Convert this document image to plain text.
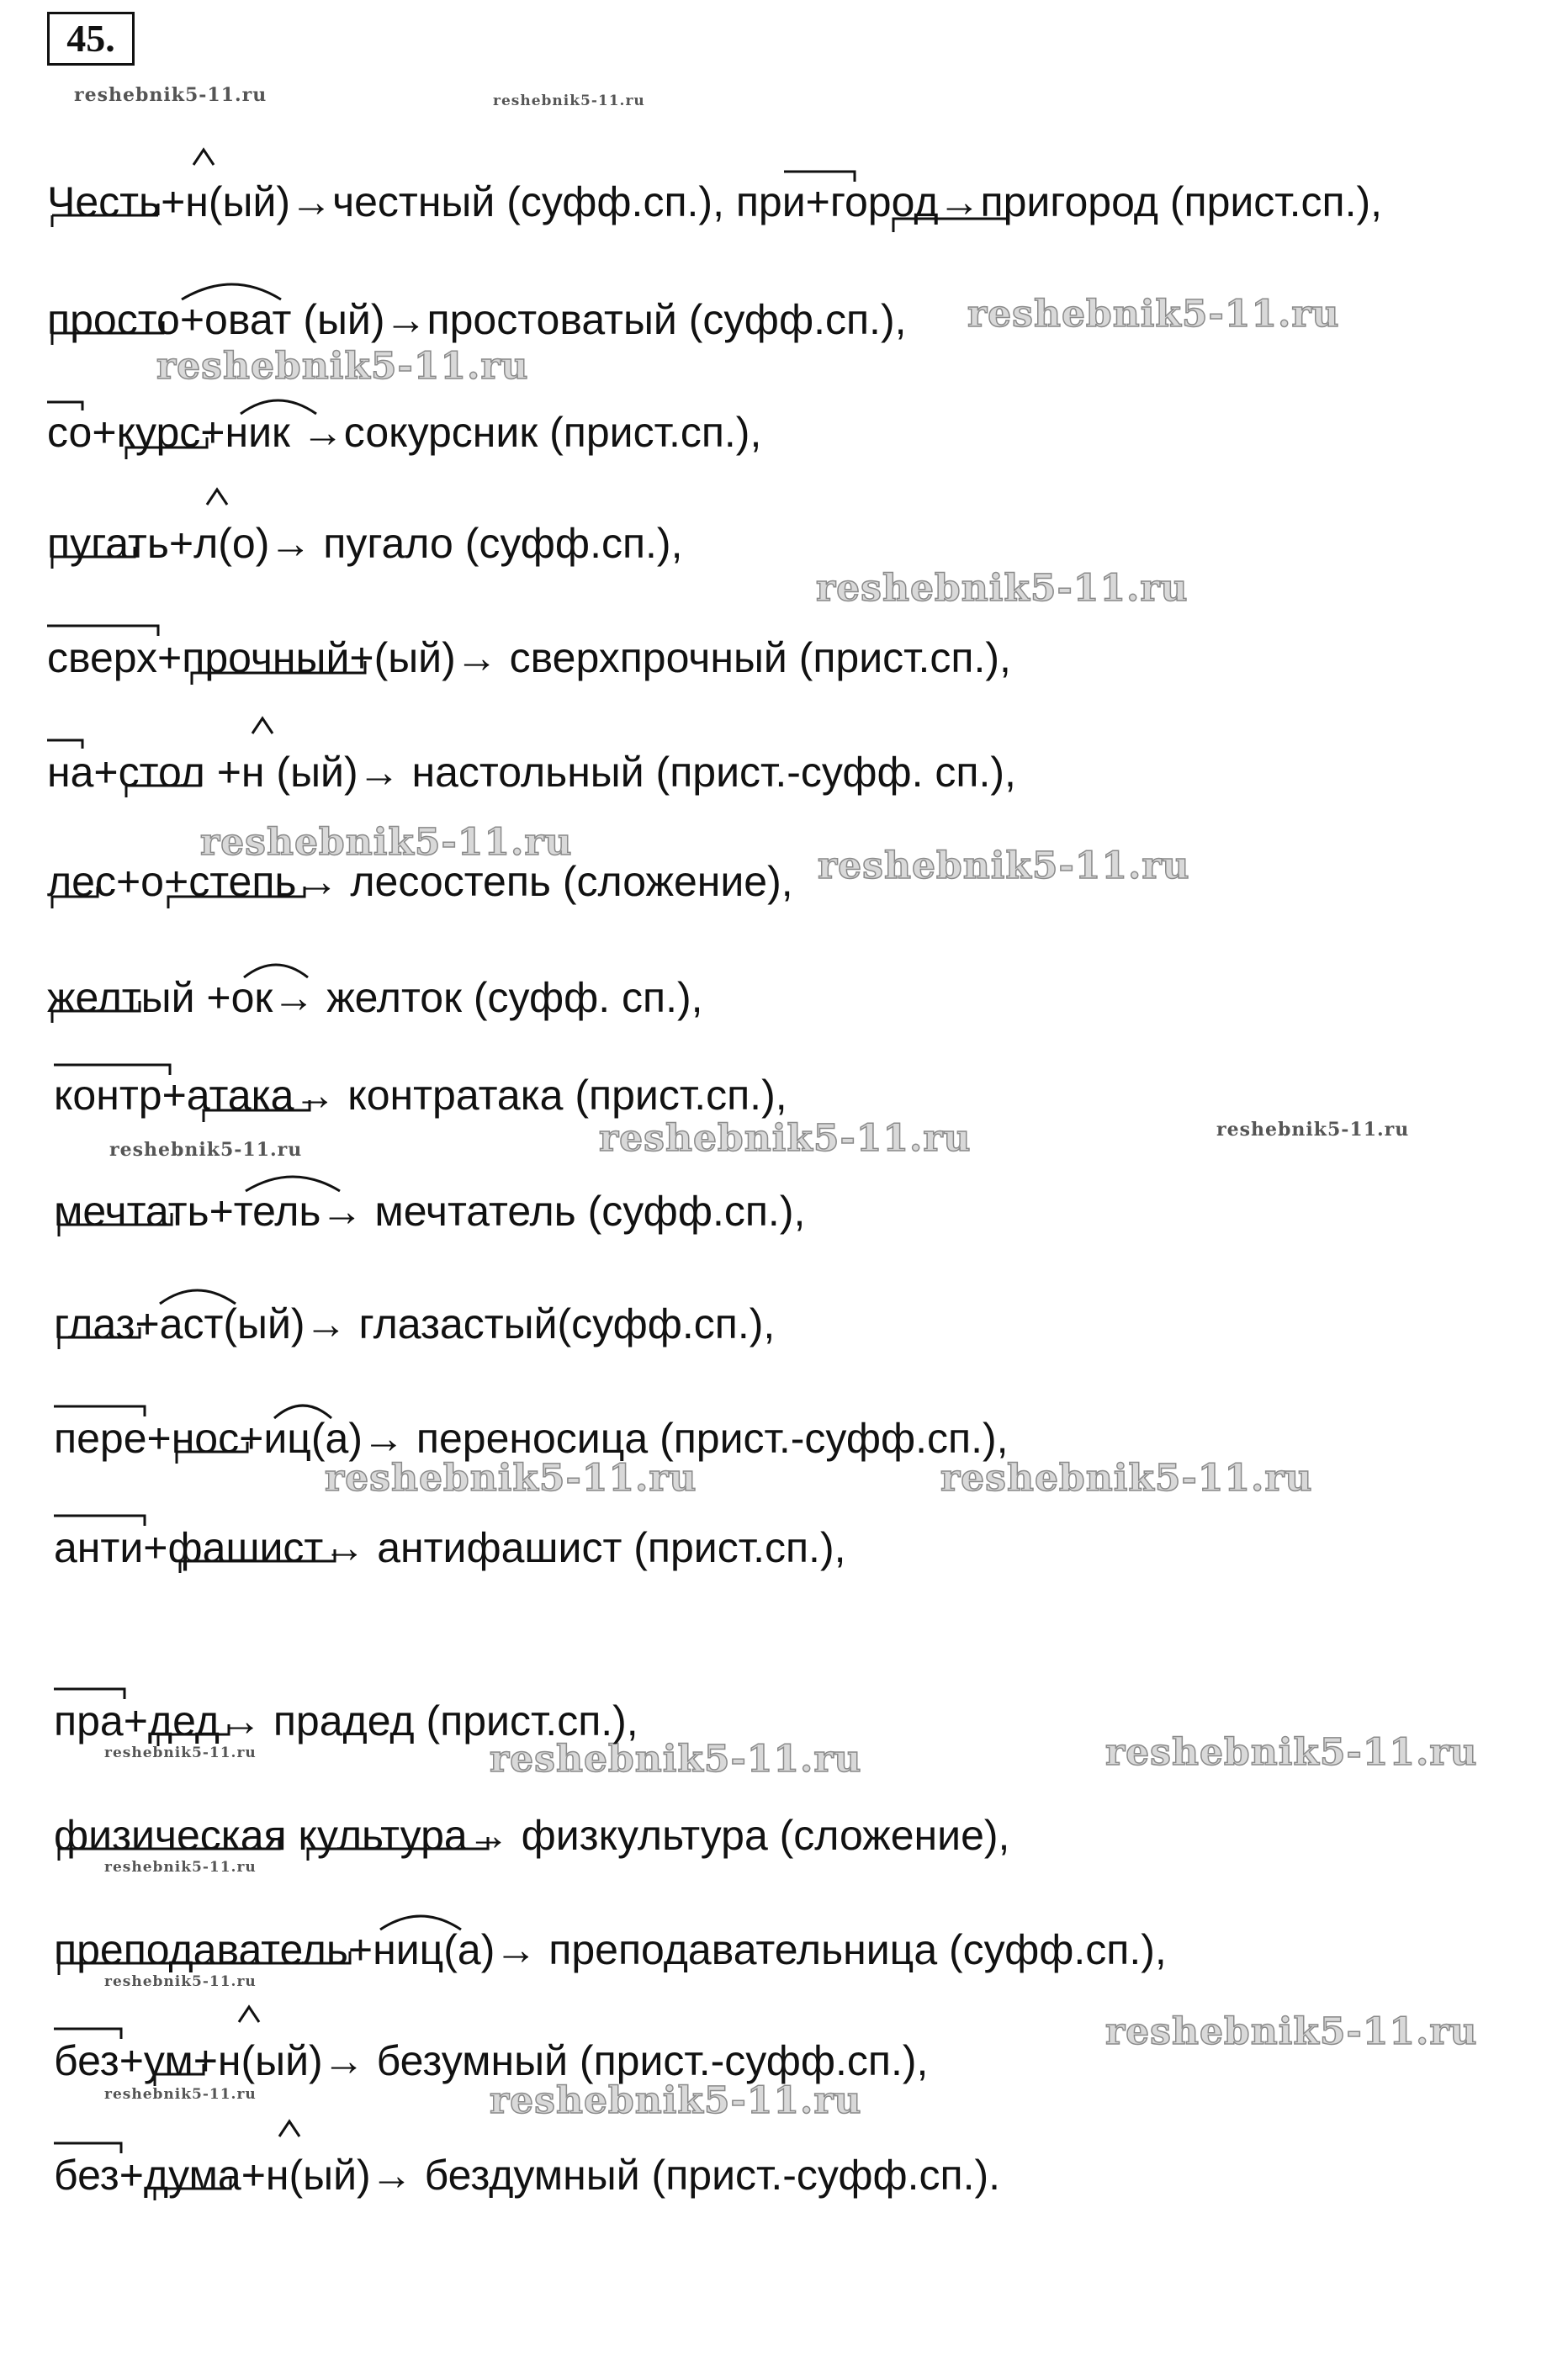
45.
reshebnik5-11.ru	reshebnik5-11.ru
reshebnik5-11.ru
reshebnik5-11.ru
reshebnik5-11.ru
reshebnik5-11.ru
reshebnik5-11.ru
reshebnik5-11.ru	reshebnik5-11.ru	reshebnik5-11.ru
reshebnik5-11.ru	reshebnik5-11.ru
reshebnik5-11.ru	reshebnik5-11.ru	reshebnik5-11.ru
reshebnik5-11.ru
reshebnik5-11.ru
reshebnik5-11.ru
reshebnik5-11.ru	reshebnik5-11.ru
Честь+н(ый)→честный (суфф.сп.), при+город→пригород (прист.сп.),
просто+оват (ый)→простоватый (суфф.сп.),
со+курс+ник →сокурсник (прист.сп.),
пугать+л(о)→ пугало (суфф.сп.),
сверх+прочный+(ый)→ сверхпрочный (прист.сп.),
на+стол +н (ый)→ настольный (прист.-суфф. сп.),
лес+о+степь→ лесостепь (сложение),
желтый +ок→ желток (суфф. сп.),
контр+атака→ контратака (прист.сп.),
мечтать+тель→ мечтатель (суфф.сп.),
глаз+аст(ый)→ глазастый(суфф.сп.),
пере+нос+иц(а)→ переносица (прист.-суфф.сп.),
анти+фашист→ антифашист (прист.сп.),
пра+дед→ прадед (прист.сп.),
физическая культура→ физкультура (сложение),
преподаватель+ниц(а)→ преподавательница (суфф.сп.),
без+ум+н(ый)→ безумный (прист.-суфф.сп.),
без+дума+н(ый)→ бездумный (прист.-суфф.сп.).
